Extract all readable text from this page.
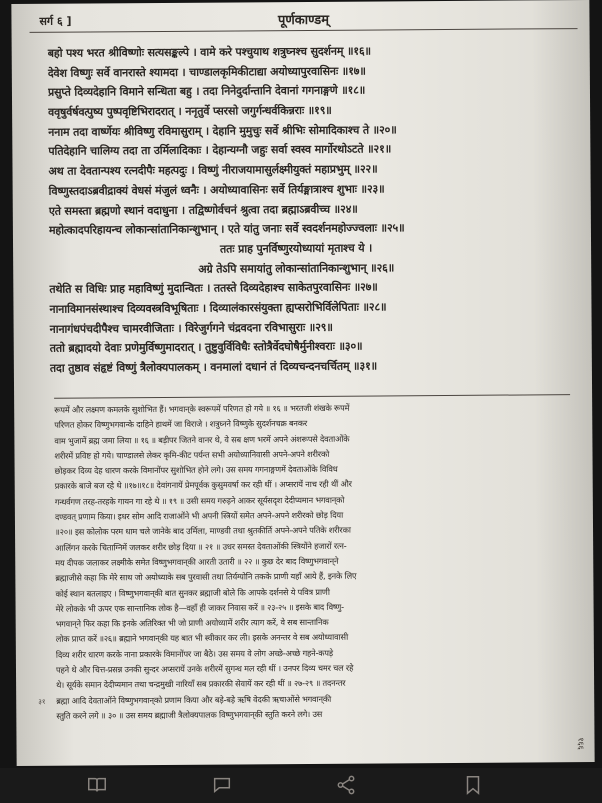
सर्ग ६ ]	पूर्णकाण्डम्
बहो पश्य भरत श्रीविष्णोः सत्यसङ्कल्पे । वामे करे पश्चुयाथ शत्रुघ्नश्च सुदर्शनम् ॥१६॥
देवेश विष्णुः सर्वे वानरास्ते श्यामदा । चाण्डालकृमिकीटाद्या अयोध्यापुरवासिनः ॥१७॥
प्रसुप्ते दिव्यदेहानि विमाने सन्धिता बहु । तदा निनेदुर्दान्तानि देवानां गगनाङ्गणे ॥१८॥
ववृषुर्वर्षवत्पुष्य पुष्पवृष्टिभिरादरात् । ननृतुर्वे प्सरसो जगुर्गन्धर्वकिन्नराः ॥१९॥
ननाम तदा वार्ष्णेयः श्रीविष्णु रविमासुराम् । देहानि मुमुचुः सर्वे श्रीभिः सोमादिकाश्च ते ॥२०॥
पतिदेहानि चालिग्य तदा ता उर्मिलादिकाः । देहान्यग्नौ जहुः सर्वा स्वस्व मार्गोरथोऽटते ॥२१॥
अथ ता देवतान्पश्य रत्नदीपैः महत्पदुः । विष्णुं नीराजयामासुर्लक्ष्मीयुक्तं महाप्रभुम् ॥२२॥
विष्णुस्तदाऽब्रवीद्राक्यं वेधसं मंजुलं ध्वनैः । अयोध्यावासिनः सर्वे तिर्यङ्मात्राश्च शुभाः ॥२३॥
एते समस्ता ब्रह्मणो स्थानं वदाधुना । तद्विष्णोर्वचनं श्रुत्वा तदा ब्रह्माऽब्रवीच्च ॥२४॥
महोत्कादपरिहायन्च लोकान्सांतानिकान्शुभान् । एते यांतु जनाः सर्वे स्वदर्शनमहोज्ज्वलाः ॥२५॥
ततः प्राह पुनर्विष्णुरयोध्यायां मृताश्च ये ।
अग्रे तेऽपि समायांतु लोकान्सांतानिकान्शुभान् ॥२६॥
तथेति स विधिः प्राह महाविष्णुं मुदान्वितः । ततस्ते दिव्यदेहाश्च साकेतपुरवासिनः ॥२७॥
नानाविमानसंस्थाश्च दिव्यवस्त्रविभूषिताः । दिव्यालंकारसंयुक्ता ह्यप्सरोभिर्विलेपिताः ॥२८॥
नानागंधपंचदीपैश्च चामरवीजिताः । विरेजुर्गगने चंद्रवदना रविभासुराः ॥२९॥
ततो ब्रह्मादयो देवाः प्रणेमुर्विष्णुमादरात् । तुष्टुवुर्विविधैः स्तोत्रैर्वेदघोषैर्मुनीश्वराः ॥३०॥
तदा तुष्ठाव संहृष्टं विष्णुं त्रैलोक्यपालकम् । वनमालां दधानं तं दिव्यचन्दनचर्चितम् ॥३१॥
रूपमें और लक्ष्मण कमलके सुशोभित हैं। भगवान्‌के स्वरूपमें परिणत हो गये ॥ १६ ॥ भरतजी शंखके रूपमें
परिणत होकर विष्णुभगवान्के दाहिने हाथमें जा विराजे । शत्रुघ्नने विष्णुके सुदर्शनचक्र बनकर
वाम भुजामें ब्रह्म जमा लिया ॥ १६ ॥ बड़ीपर जितने वानर थे, वे सब क्षण भरमें अपने अंशरूपसे देवताओंके
शरीरमें प्रविष्ट हो गये। चाण्डालसे लेकर कृमि-कीट पर्यन्त सभी अयोध्यानिवासी अपने-अपने शरीरको
छोड़कर दिव्य देह धारण करके विमानोंपर सुशोभित होने लगे। उस समय गगनाङ्गणमें देवताओंके विविध
प्रकारके बाजे बज रहे थे ॥१७॥१८॥ देवांगनायें प्रेमपूर्वक कुसुमवर्षा कर रही थीं । अप्सरायें नाच रही थीं और
गन्धर्वगण तरह-तरहके गायन गा रहे थे ॥ १९ ॥ उसी समय गरुड़ने आकर सूर्यसदृश देदीप्यमान भगवान्‌को
दण्डवत् प्रणाम किया। इधर सोम आदि राजाओंने भी अपनी स्त्रियों समेत अपने-अपने शरीरको छोड़ दिया
॥२०॥ इस कोलोक परम धाम चले जानेके बाद उर्मिला, माण्डवी तथा श्रुतकीर्ति अपने-अपने पतिके शरीरका
आलिंगन करके चिताग्निमें जलकर शरीर छोड़ दिया ॥ २१ ॥ उधर समस्त देवताओंकी स्त्रियोंने हजारों रत्न-
मय दीपक जलाकर लक्ष्मीके समेत विष्णुभगवान्‌की आरती उतारी ॥ २२ ॥ कुछ देर बाद विष्णुभगवान्‌ने
ब्रह्माजीसे कहा कि मेरे साथ जो अयोध्याके सब पुरवासी तथा तिर्यग्योनि तकके प्राणी यहाँ आये हैं, इनके लिए
कोई स्थान बतलाइए । विष्णुभगवान्‌की बात सुनकर ब्रह्माजी बोले कि आपके दर्शनसे ये पवित्र प्राणी
मेरे लोकके भी ऊपर एक सान्तानिक लोक है—वहाँ ही जाकर निवास करें ॥ २३-२५ ॥ इसके बाद विष्णु-
भगवान्‌ने फिर कहा कि इनके अतिरिक्त भी जो प्राणी अयोध्यामें शरीर त्याग करें, वे सब सान्तानिक
लोक प्राप्त करें ॥२६॥ ब्रह्माने भगवान्‌की यह बात भी स्वीकार कर ली। इसके अनन्तर वे सब अयोध्यावासी
दिव्य शरीर धारण करके नाना प्रकारके विमानोंपर जा बैठे। उस समय वे लोग अच्छे-अच्छे गहने-कपड़े
पहने थे और चित्त-प्रसन्न उनकी सुन्दर अप्सरायें उनके शरीरमें सुगन्ध मल रही थीं । उनपर दिव्य चमर चल रहे
थे। सूर्यके समान देदीप्यमान तथा चन्द्रमुखी नारियाँ सब प्रकारकी सेवायें कर रही थीं ॥ २७-२९ ॥ तदनन्तर
ब्रह्मा आदि देवताओंने विष्णुभगवान्‌को प्रणाम किया और बड़े-बड़े ऋषि वेदकी ऋचाओंसे भगवान्‌की
स्तुति करने लगे ॥ ३० ॥ उस समय ब्रह्माजी त्रैलोक्यपालक विष्णुभगवान्‌की स्तुति करने लगे। उस
३१
१६६
